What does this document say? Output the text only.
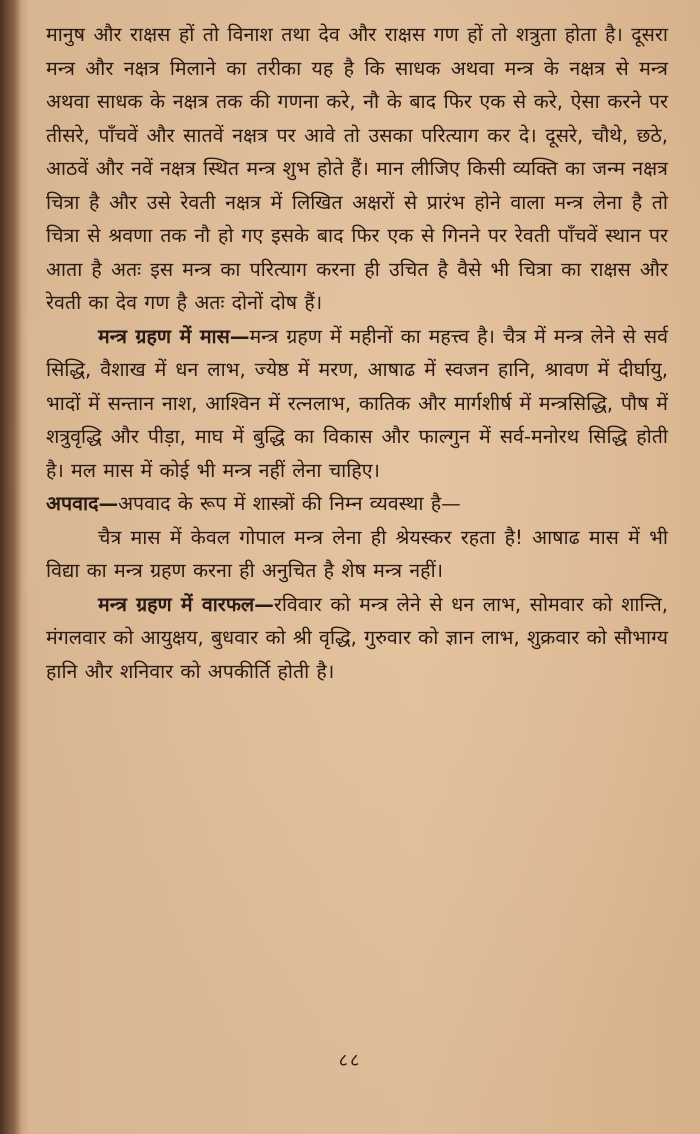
मानुष और राक्षस हों तो विनाश तथा देव और राक्षस गण हों तो शत्रुता होता है। दूसरा मन्त्र और नक्षत्र मिलाने का तरीका यह है कि साधक अथवा मन्त्र के नक्षत्र से मन्त्र अथवा साधक के नक्षत्र तक की गणना करे, नौ के बाद फिर एक से करे, ऐसा करने पर तीसरे, पाँचवें और सातवें नक्षत्र पर आवे तो उसका परित्याग कर दे। दूसरे, चौथे, छठे, आठवें और नवें नक्षत्र स्थित मन्त्र शुभ होते हैं। मान लीजिए किसी व्यक्ति का जन्म नक्षत्र चित्रा है और उसे रेवती नक्षत्र में लिखित अक्षरों से प्रारंभ होने वाला मन्त्र लेना है तो चित्रा से श्रवणा तक नौ हो गए इसके बाद फिर एक से गिनने पर रेवती पाँचवें स्थान पर आता है अतः इस मन्त्र का परित्याग करना ही उचित है वैसे भी चित्रा का राक्षस और रेवती का देव गण है अतः दोनों दोष हैं।

मन्त्र ग्रहण में मास—मन्त्र ग्रहण में महीनों का महत्त्व है। चैत्र में मन्त्र लेने से सर्व सिद्धि, वैशाख में धन लाभ, ज्येष्ठ में मरण, आषाढ में स्वजन हानि, श्रावण में दीर्घायु, भादों में सन्तान नाश, आश्विन में रत्नलाभ, कातिक और मार्गशीर्ष में मन्त्रसिद्धि, पौष में शत्रुवृद्धि और पीड़ा, माघ में बुद्धि का विकास और फाल्गुन में सर्व-मनोरथ सिद्धि होती है। मल मास में कोई भी मन्त्र नहीं लेना चाहिए।

अपवाद—अपवाद के रूप में शास्त्रों की निम्न व्यवस्था है—

चैत्र मास में केवल गोपाल मन्त्र लेना ही श्रेयस्कर रहता है! आषाढ मास में भी विद्या का मन्त्र ग्रहण करना ही अनुचित है शेष मन्त्र नहीं।

मन्त्र ग्रहण में वारफल—रविवार को मन्त्र लेने से धन लाभ, सोमवार को शान्ति, मंगलवार को आयुक्षय, बुधवार को श्री वृद्धि, गुरुवार को ज्ञान लाभ, शुक्रवार को सौभाग्य हानि और शनिवार को अपकीर्ति होती है।

८८
